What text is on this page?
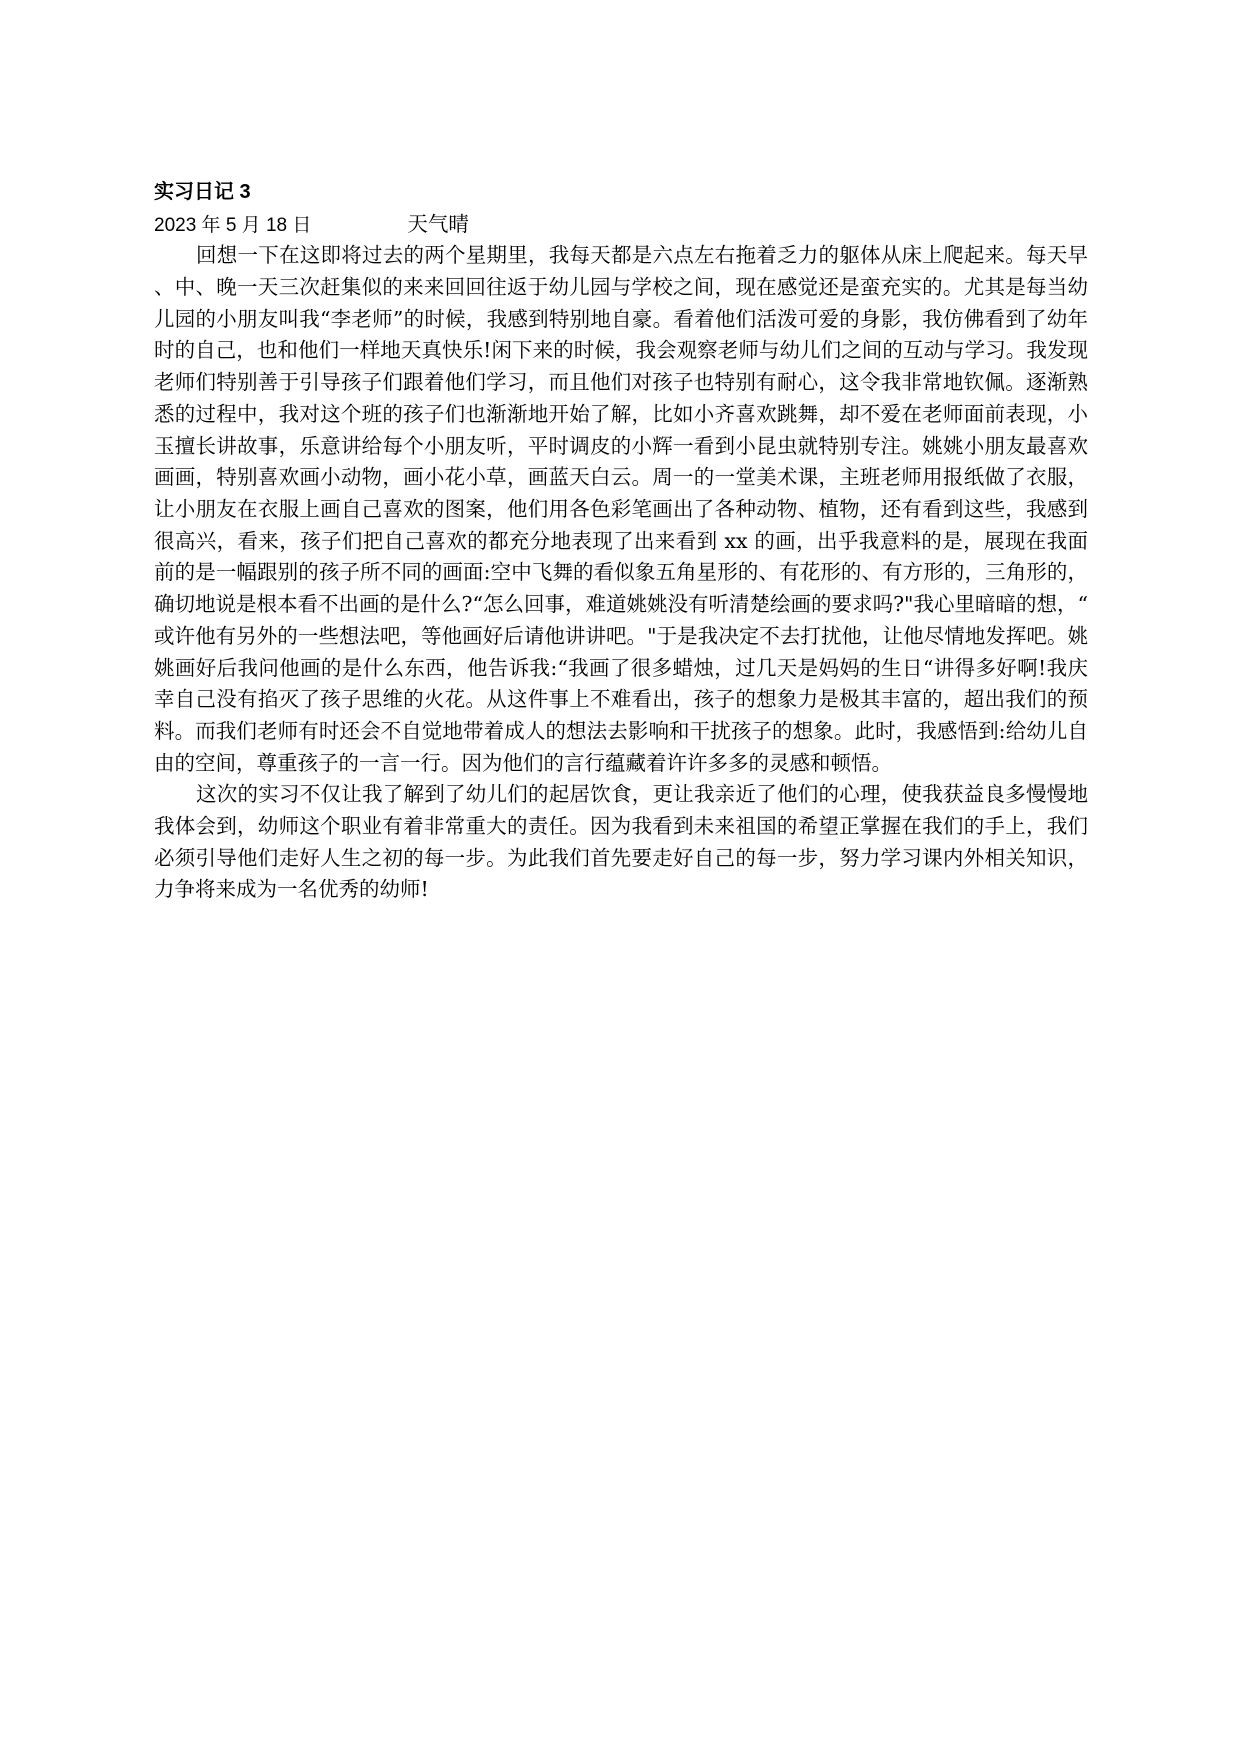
实习日记 3

2023 年 5 月 18 日	天气晴

回想一下在这即将过去的两个星期里，我每天都是六点左右拖着乏力的躯体从床上爬起来。每天早、中、晚一天三次赶集似的来来回回往返于幼儿园与学校之间，现在感觉还是蛮充实的。尤其是每当幼儿园的小朋友叫我“李老师”的时候，我感到特别地自豪。看着他们活泼可爱的身影，我仿佛看到了幼年时的自己，也和他们一样地天真快乐!闲下来的时候，我会观察老师与幼儿们之间的互动与学习。我发现老师们特别善于引导孩子们跟着他们学习，而且他们对孩子也特别有耐心，这令我非常地钦佩。逐渐熟悉的过程中，我对这个班的孩子们也渐渐地开始了解，比如小齐喜欢跳舞，却不爱在老师面前表现，小玉擅长讲故事，乐意讲给每个小朋友听，平时调皮的小辉一看到小昆虫就特别专注。姚姚小朋友最喜欢画画，特别喜欢画小动物，画小花小草，画蓝天白云。周一的一堂美术课，主班老师用报纸做了衣服，让小朋友在衣服上画自己喜欢的图案，他们用各色彩笔画出了各种动物、植物，还有看到这些，我感到很高兴，看来，孩子们把自己喜欢的都充分地表现了出来看到 xx 的画，出乎我意料的是，展现在我面前的是一幅跟别的孩子所不同的画面:空中飞舞的看似象五角星形的、有花形的、有方形的，三角形的，确切地说是根本看不出画的是什么?“怎么回事，难道姚姚没有听清楚绘画的要求吗?"我心里暗暗的想，“或许他有另外的一些想法吧，等他画好后请他讲讲吧。"于是我决定不去打扰他，让他尽情地发挥吧。姚姚画好后我问他画的是什么东西，他告诉我:“我画了很多蜡烛，过几天是妈妈的生日“讲得多好啊!我庆幸自己没有掐灭了孩子思维的火花。从这件事上不难看出，孩子的想象力是极其丰富的，超出我们的预料。而我们老师有时还会不自觉地带着成人的想法去影响和干扰孩子的想象。此时，我感悟到:给幼儿自由的空间，尊重孩子的一言一行。因为他们的言行蕴藏着许许多多的灵感和顿悟。

这次的实习不仅让我了解到了幼儿们的起居饮食，更让我亲近了他们的心理，使我获益良多慢慢地我体会到，幼师这个职业有着非常重大的责任。因为我看到未来祖国的希望正掌握在我们的手上，我们必须引导他们走好人生之初的每一步。为此我们首先要走好自己的每一步，努力学习课内外相关知识，力争将来成为一名优秀的幼师!
